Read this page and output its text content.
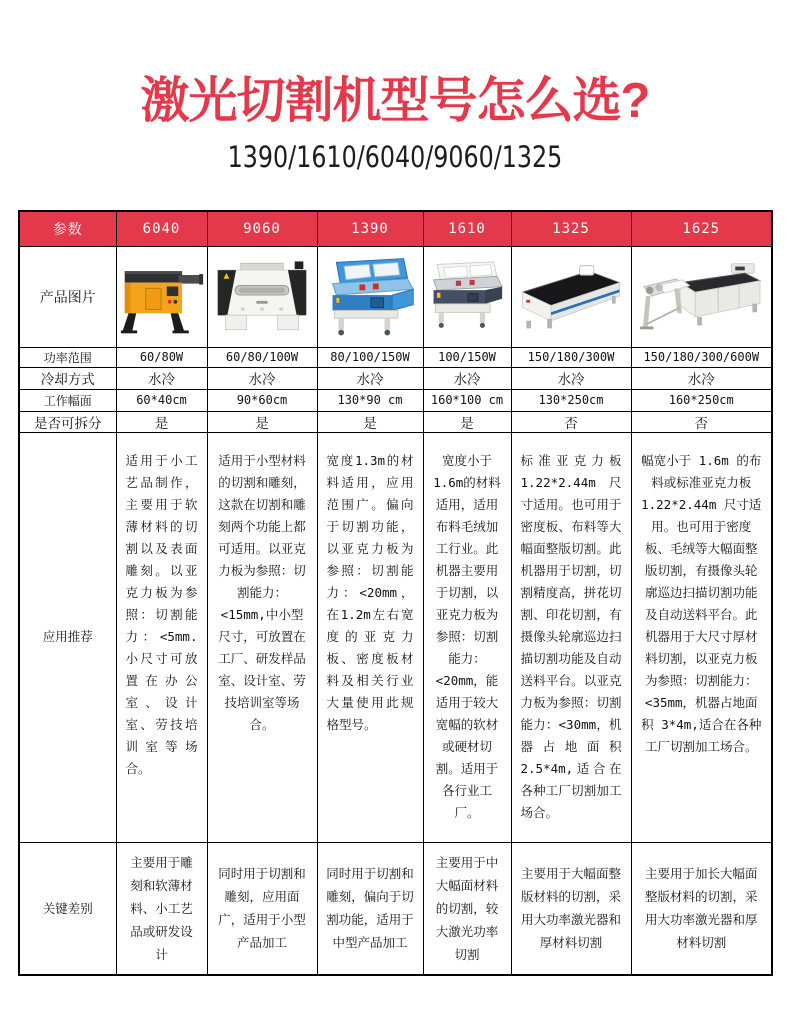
激光切割机型号怎么选?
1390/1610/6040/9060/1325
参数	6040	9060	1390	1610	1325	1625
产品图片	

功率范围	60/80W	60/80/100W	80/100/150W	100/150W	150/180/300W	150/180/300/600W
冷却方式	水冷	水冷	水冷	水冷	水冷	水冷
工作幅面	60*40cm	90*60cm	130*90 cm	160*100 cm	130*250cm	160*250cm
是否可拆分	是	是	是	是	否	否
应用推荐	适用于小工艺品制作，主要用于软薄材料的切割以及表面雕刻。以亚克力板为参照：切割能力：<5mm.小尺寸可放置在办公室、设计室、劳技培训室等场合。	适用于小型材料的切割和雕刻，这款在切割和雕刻两个功能上都可适用。以亚克力板为参照：切割能力：<15mm,中小型尺寸，可放置在工厂、研发样品室、设计室、劳技培训室等场合。	宽度1.3m的材料适用，应用范围广。偏向于切割功能，以亚克力板为参照：切割能力：<20mm，在1.2m左右宽度的亚克力板、密度板材料及相关行业大量使用此规格型号。	宽度小于1.6m的材料适用，适用布料毛绒加工行业。此机器主要用于切割，以亚克力板为参照：切割能力：<20mm，能适用于较大宽幅的软材或硬材切割。适用于各行业工厂。	标准亚克力板1.22*2.44m 尺寸适用。也可用于密度板、布料等大幅面整版切割。此机器用于切割，切割精度高，拼花切割、印花切割，有摄像头轮廓巡边扫描切割功能及自动送料平台。以亚克力板为参照：切割能力：<30mm，机器占地面积 2.5*4m,适合在各种工厂切割加工场合。	幅宽小于 1.6m 的布料或标准亚克力板1.22*2.44m 尺寸适用。也可用于密度板、毛绒等大幅面整版切割，有摄像头轮廓巡边扫描切割功能及自动送料平台。此机器用于大尺寸厚材料切割，以亚克力板为参照：切割能力：<35mm，机器占地面积 3*4m,适合在各种工厂切割加工场合。
关键差别	主要用于雕刻和软薄材料、小工艺品或研发设计	同时用于切割和雕刻，应用面广，适用于小型产品加工	同时用于切割和雕刻，偏向于切割功能，适用于中型产品加工	主要用于中大幅面材料的切割，较大激光功率切割	主要用于大幅面整版材料的切割，采用大功率激光器和厚材料切割	主要用于加长大幅面整版材料的切割，采用大功率激光器和厚材料切割
